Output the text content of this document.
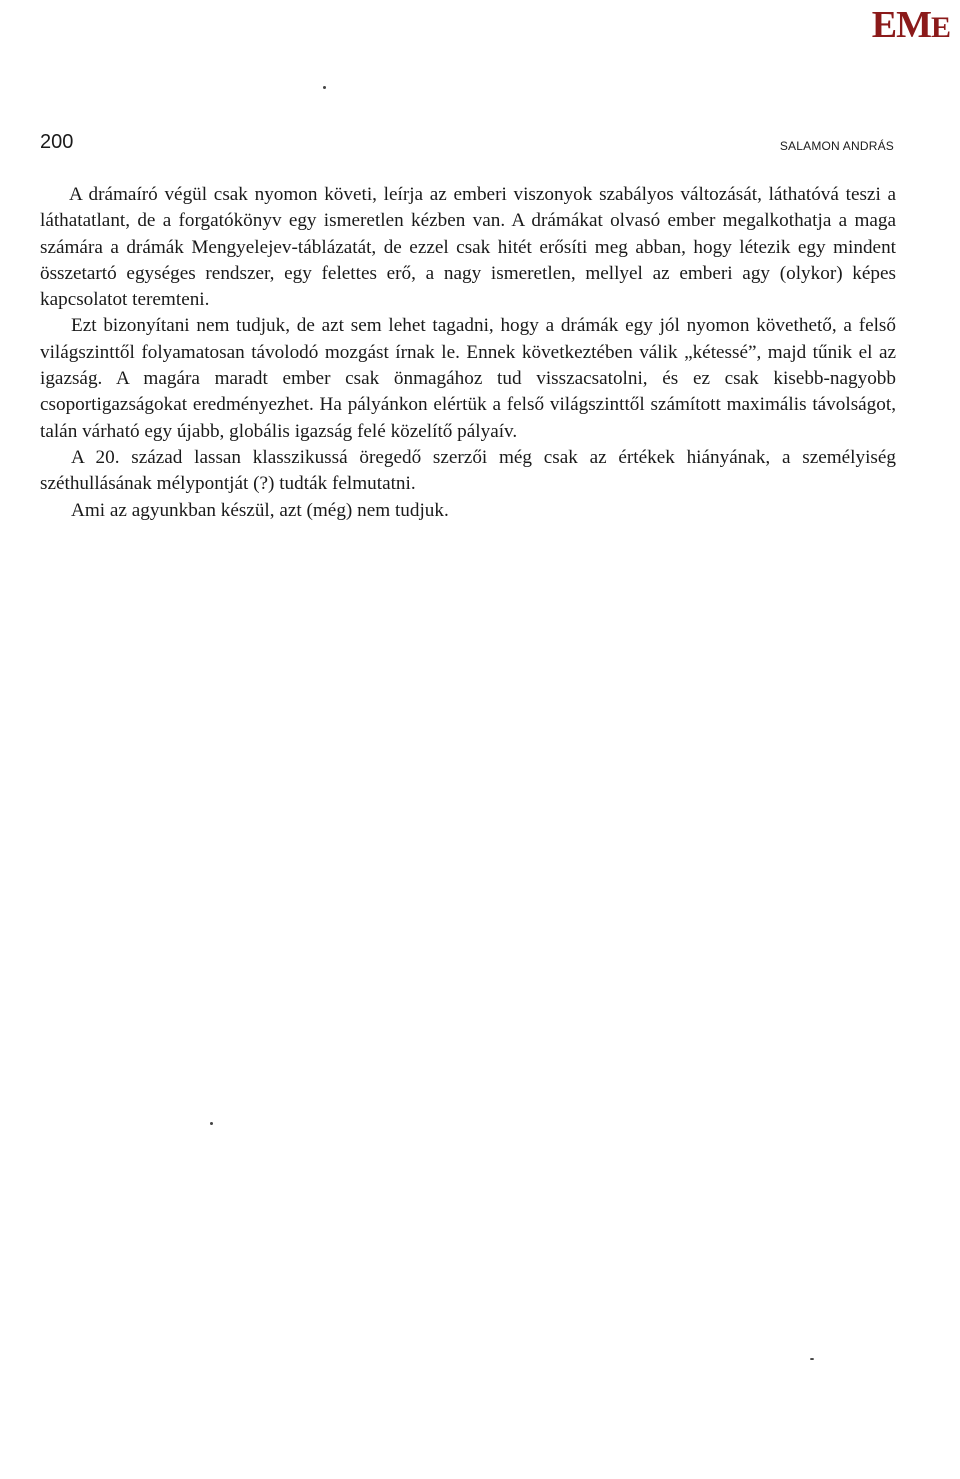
EME
200	SALAMON ANDRÁS

A drámaíró végül csak nyomon követi, leírja az emberi viszonyok szabályos változását, láthatóvá teszi a láthatatlant, de a forgatókönyv egy ismeretlen kézben van. A drámákat olvasó ember megalkothatja a maga számára a drámák Mengyelejev-táblázatát, de ezzel csak hitét erősíti meg abban, hogy létezik egy mindent összetartó egységes rendszer, egy felettes erő, a nagy ismeretlen, mellyel az emberi agy (olykor) képes kapcsolatot teremteni.

Ezt bizonyítani nem tudjuk, de azt sem lehet tagadni, hogy a drámák egy jól nyomon követhető, a felső világszinttől folyamatosan távolodó mozgást írnak le. Ennek következtében válik „kétessé”, majd tűnik el az igazság. A magára maradt ember csak önmagához tud visszacsatolni, és ez csak kisebb-nagyobb csoportigazságokat eredményezhet. Ha pályánkon elértük a felső világszinttől számított maximális távolságot, talán várható egy újabb, globális igazság felé közelítő pályaív.

A 20. század lassan klasszikussá öregedő szerzői még csak az értékek hiányának, a személyiség széthullásának mélypontját (?) tudták felmutatni.

Ami az agyunkban készül, azt (még) nem tudjuk.
